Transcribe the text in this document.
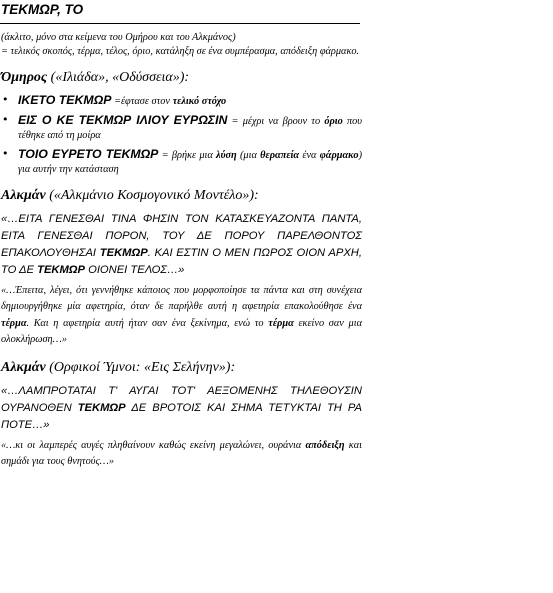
ΤΕΚΜΩΡ, ΤΟ

(άκλιτο, μόνο στα κείμενα του Ομήρου και του Αλκμάνος)

= τελικός σκοπός, τέρμα, τέλος, όριο, κατάληξη σε ένα συμπέρασμα, απόδειξη φάρμακο.

Όμηρος («Ιλιάδα», «Οδύσσεια»):
• ΙΚΕΤΟ ΤΕΚΜΩΡ =έφτασε στον τελικό στόχο
• ΕΙΣ Ο ΚΕ ΤΕΚΜΩΡ ΙΛΙΟΥ ΕΥΡΩΣΙΝ = μέχρι να βρουν το όριο που τέθηκε από τη μοίρα
• ΤΟΙΟ ΕΥΡΕΤΟ ΤΕΚΜΩΡ = βρήκε μια λύση (μια θεραπεία ένα φάρμακο) για αυτήν την κατάσταση
Αλκμάν («Αλκμάνιο Κοσμογονικό Μοντέλο»):

«…ΕΙΤΑ ΓΕΝΕΣΘΑΙ ΤΙΝΑ ΦΗΣΙΝ ΤΟΝ ΚΑΤΑΣΚΕΥΑΖΟΝΤΑ ΠΑΝΤΑ, ΕΙΤΑ ΓΕΝΕΣΘΑΙ ΠΟΡΟΝ, ΤΟΥ ΔΕ ΠΟΡΟΥ ΠΑΡΕΛΘΟΝΤΟΣ ΕΠΑΚΟΛΟΥΘΗΣΑΙ ΤΕΚΜΩΡ. ΚΑΙ ΕΣΤΙΝ Ο ΜΕΝ ΠΩΡΟΣ ΟΙΟΝ ΑΡΧΗ, ΤΟ ΔΕ ΤΕΚΜΩΡ ΟΙΟΝΕΙ ΤΕΛΟΣ…»

«…Έπειτα, λέγει, ότι γεννήθηκε κάποιος που μορφοποίησε τα πάντα και στη συνέχεια δημιουργήθηκε μία αφετηρία, όταν δε παρήλθε αυτή η αφετηρία επακολούθησε ένα τέρμα. Και η αφετηρία αυτή ήταν σαν ένα ξεκίνημα, ενώ το τέρμα εκείνο σαν μια ολοκλήρωση…»

Αλκμάν (Ορφικοί Ύμνοι: «Εις Σελήνην»):

«…ΛΑΜΠΡΟΤΑΤΑΙ Τ' ΑΥΓΑΙ ΤΟΤ' ΑΕΞΟΜΕΝΗΣ ΤΗΛΕΘΟΥΣΙΝ ΟΥΡΑΝΟΘΕΝ ΤΕΚΜΩΡ ΔΕ ΒΡΟΤΟΙΣ ΚΑΙ ΣΗΜΑ ΤΕΤΥΚΤΑΙ ΤΗ ΡΑ ΠΟΤΕ…»

«…κι οι λαμπερές αυγές πληθαίνουν καθώς εκείνη μεγαλώνει, ουράνια απόδειξη και σημάδι για τους θνητούς…»
